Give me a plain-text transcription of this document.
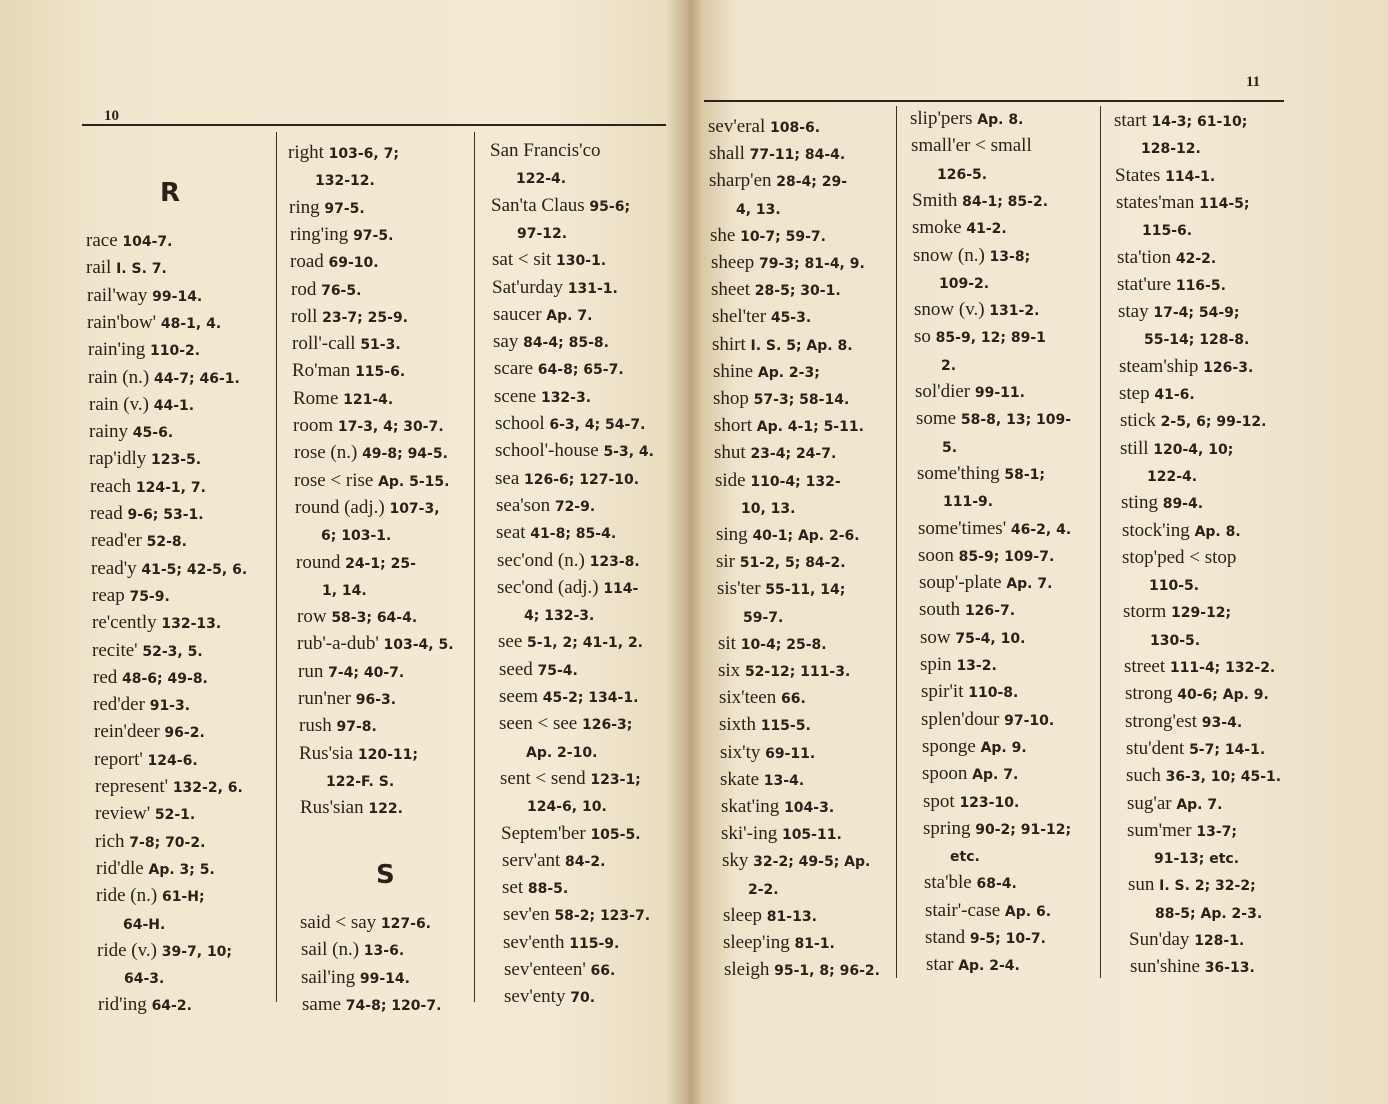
10
11
R
race 104-7.
rail I. S. 7.
rail'way 99-14.
rain'bow' 48-1, 4.
rain'ing 110-2.
rain (n.) 44-7; 46-1.
rain (v.) 44-1.
rainy 45-6.
rap'idly 123-5.
reach 124-1, 7.
read 9-6; 53-1.
read'er 52-8.
read'y 41-5; 42-5, 6.
reap 75-9.
re'cently 132-13.
recite' 52-3, 5.
red 48-6; 49-8.
red'der 91-3.
rein'deer 96-2.
report' 124-6.
represent' 132-2, 6.
review' 52-1.
rich 7-8; 70-2.
rid'dle Ap. 3; 5.
ride (n.) 61-H;
64-H.
ride (v.) 39-7, 10;
64-3.
rid'ing 64-2.
right 103-6, 7;
132-12.
ring 97-5.
ring'ing 97-5.
road 69-10.
rod 76-5.
roll 23-7; 25-9.
roll'-call 51-3.
Ro'man 115-6.
Rome 121-4.
room 17-3, 4; 30-7.
rose (n.) 49-8; 94-5.
rose < rise Ap. 5-15.
round (adj.) 107-3,
6; 103-1.
round 24-1; 25-
1, 14.
row 58-3; 64-4.
rub'-a-dub' 103-4, 5.
run 7-4; 40-7.
run'ner 96-3.
rush 97-8.
Rus'sia 120-11;
122-F. S.
Rus'sian 122.
S
said < say 127-6.
sail (n.) 13-6.
sail'ing 99-14.
same 74-8; 120-7.
San Francis'co
122-4.
San'ta Claus 95-6;
97-12.
sat < sit 130-1.
Sat'urday 131-1.
saucer Ap. 7.
say 84-4; 85-8.
scare 64-8; 65-7.
scene 132-3.
school 6-3, 4; 54-7.
school'-house 5-3, 4.
sea 126-6; 127-10.
sea'son 72-9.
seat 41-8; 85-4.
sec'ond (n.) 123-8.
sec'ond (adj.) 114-
4; 132-3.
see 5-1, 2; 41-1, 2.
seed 75-4.
seem 45-2; 134-1.
seen < see 126-3;
Ap. 2-10.
sent < send 123-1;
124-6, 10.
Septem'ber 105-5.
serv'ant 84-2.
set 88-5.
sev'en 58-2; 123-7.
sev'enth 115-9.
sev'enteen' 66.
sev'enty 70.
sev'eral 108-6.
shall 77-11; 84-4.
sharp'en 28-4; 29-
4, 13.
she 10-7; 59-7.
sheep 79-3; 81-4, 9.
sheet 28-5; 30-1.
shel'ter 45-3.
shirt I. S. 5; Ap. 8.
shine Ap. 2-3;
shop 57-3; 58-14.
short Ap. 4-1; 5-11.
shut 23-4; 24-7.
side 110-4; 132-
10, 13.
sing 40-1; Ap. 2-6.
sir 51-2, 5; 84-2.
sis'ter 55-11, 14;
59-7.
sit 10-4; 25-8.
six 52-12; 111-3.
six'teen 66.
sixth 115-5.
six'ty 69-11.
skate 13-4.
skat'ing 104-3.
ski'-ing 105-11.
sky 32-2; 49-5; Ap.
2-2.
sleep 81-13.
sleep'ing 81-1.
sleigh 95-1, 8; 96-2.
slip'pers Ap. 8.
small'er < small
126-5.
Smith 84-1; 85-2.
smoke 41-2.
snow (n.) 13-8;
109-2.
snow (v.) 131-2.
so 85-9, 12; 89-1
2.
sol'dier 99-11.
some 58-8, 13; 109-
5.
some'thing 58-1;
111-9.
some'times' 46-2, 4.
soon 85-9; 109-7.
soup'-plate Ap. 7.
south 126-7.
sow 75-4, 10.
spin 13-2.
spir'it 110-8.
splen'dour 97-10.
sponge Ap. 9.
spoon Ap. 7.
spot 123-10.
spring 90-2; 91-12;
etc.
sta'ble 68-4.
stair'-case Ap. 6.
stand 9-5; 10-7.
star Ap. 2-4.
start 14-3; 61-10;
128-12.
States 114-1.
states'man 114-5;
115-6.
sta'tion 42-2.
stat'ure 116-5.
stay 17-4; 54-9;
55-14; 128-8.
steam'ship 126-3.
step 41-6.
stick 2-5, 6; 99-12.
still 120-4, 10;
122-4.
sting 89-4.
stock'ing Ap. 8.
stop'ped < stop
110-5.
storm 129-12;
130-5.
street 111-4; 132-2.
strong 40-6; Ap. 9.
strong'est 93-4.
stu'dent 5-7; 14-1.
such 36-3, 10; 45-1.
sug'ar Ap. 7.
sum'mer 13-7;
91-13; etc.
sun I. S. 2; 32-2;
88-5; Ap. 2-3.
Sun'day 128-1.
sun'shine 36-13.
